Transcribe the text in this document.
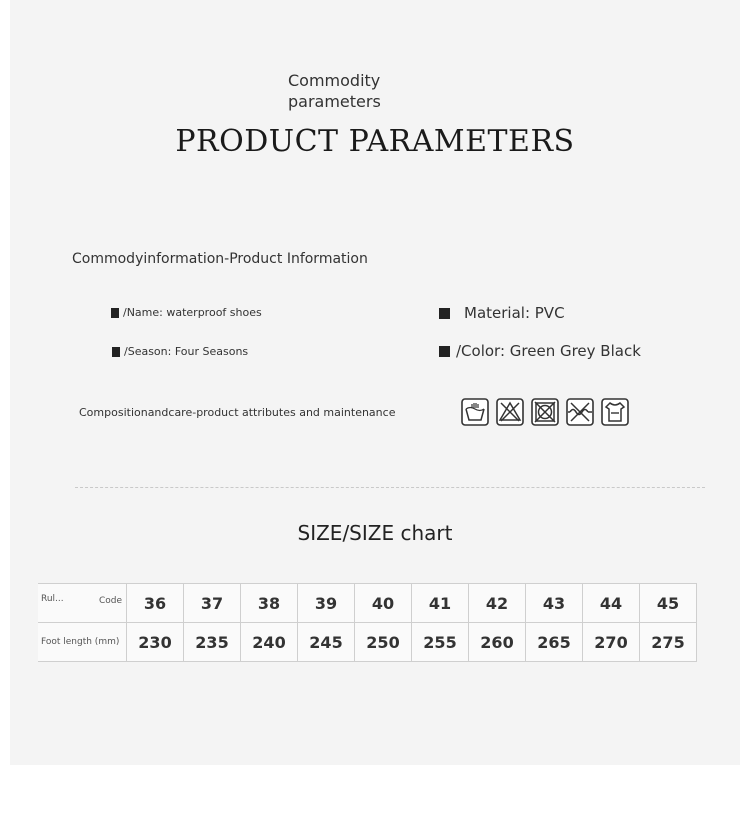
Commodity parameters
PRODUCT PARAMETERS
Commodyinformation-Product Information
/Name: waterproof shoes
/Season: Four Seasons
Material: PVC
/Color: Green Grey Black
Compositionandcare-product attributes and maintenance
SIZE/SIZE chart
Rul... Code	36	37	38	39	40	41	42	43	44	45

Foot length (mm)	230	235	240	245	250	255	260	265	270	275
